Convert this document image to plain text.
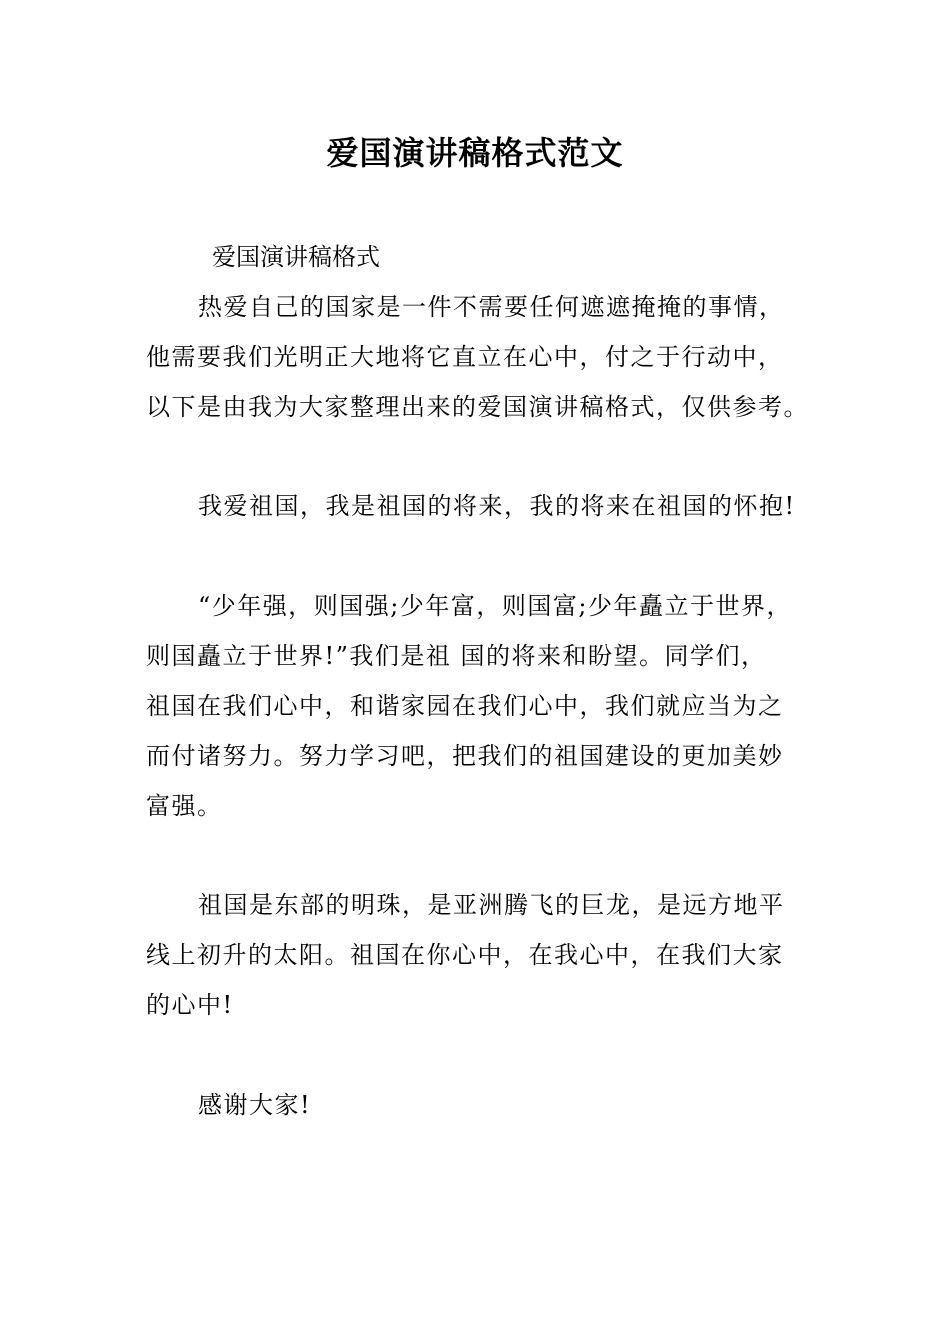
爱国演讲稿格式范文
爱国演讲稿格式
热爱自己的国家是一件不需要任何遮遮掩掩的事情，
他需要我们光明正大地将它直立在心中，付之于行动中，
以下是由我为大家整理出来的爱国演讲稿格式，仅供参考。
我爱祖国，我是祖国的将来，我的将来在祖国的怀抱!
“少年强，则国强;少年富，则国富;少年矗立于世界，
则国矗立于世界!”我们是祖 国的将来和盼望。同学们，
祖国在我们心中，和谐家园在我们心中，我们就应当为之
而付诸努力。努力学习吧，把我们的祖国建设的更加美妙
富强。
祖国是东部的明珠，是亚洲腾飞的巨龙，是远方地平
线上初升的太阳。祖国在你心中，在我心中，在我们大家
的心中!
感谢大家!
